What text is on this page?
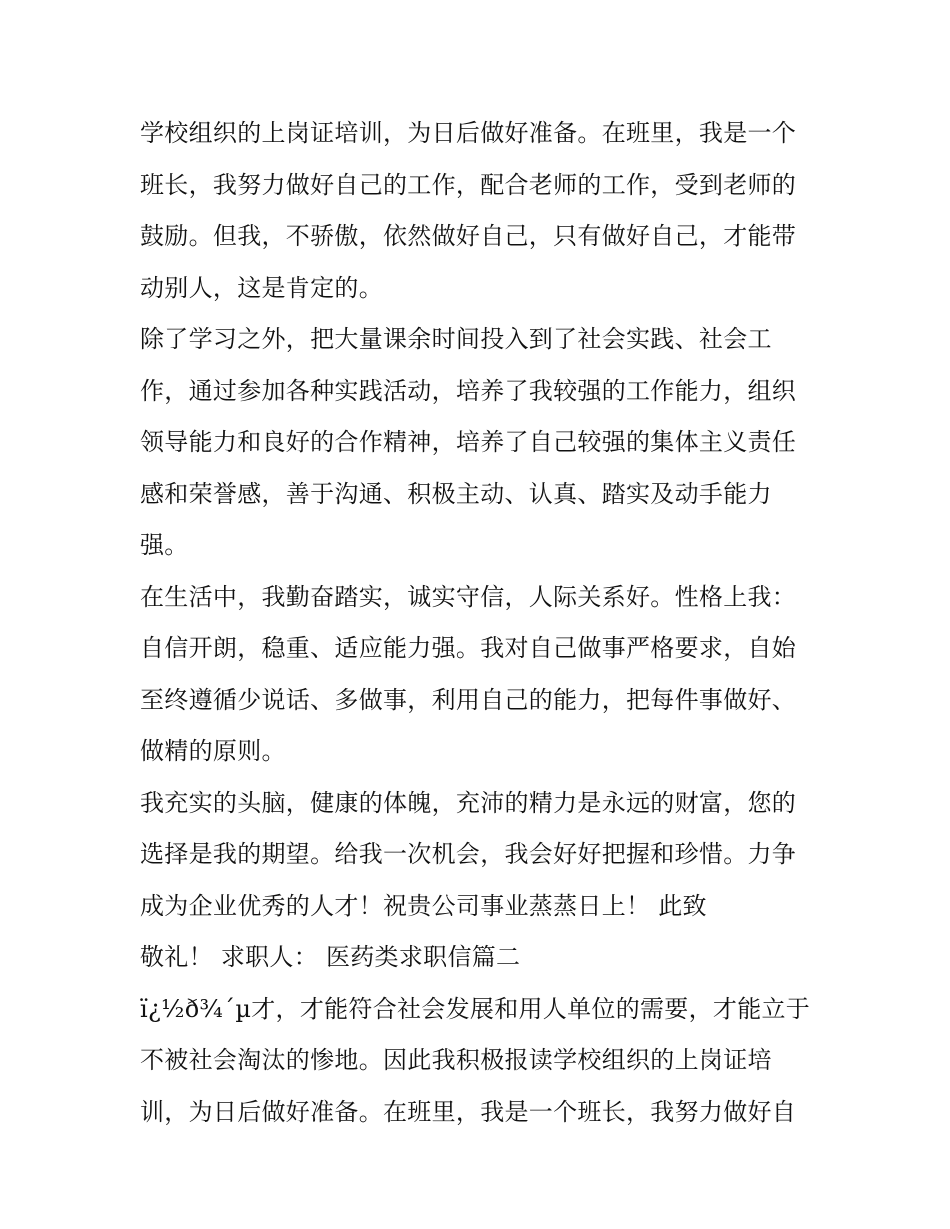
学校组织的上岗证培训，为日后做好准备。在班里，我是一个
班长，我努力做好自己的工作，配合老师的工作，受到老师的
鼓励。但我，不骄傲，依然做好自己，只有做好自己，才能带
动别人，这是肯定的。
除了学习之外，把大量课余时间投入到了社会实践、社会工
作，通过参加各种实践活动，培养了我较强的工作能力，组织
领导能力和良好的合作精神，培养了自己较强的集体主义责任
感和荣誉感，善于沟通、积极主动、认真、踏实及动手能力
强。
在生活中，我勤奋踏实，诚实守信，人际关系好。性格上我：
自信开朗，稳重、适应能力强。我对自己做事严格要求，自始
至终遵循少说话、多做事，利用自己的能力，把每件事做好、
做精的原则。
我充实的头脑，健康的体魄，充沛的精力是永远的财富，您的
选择是我的期望。给我一次机会，我会好好把握和珍惜。力争
成为企业优秀的人才！祝贵公司事业蒸蒸日上！ 此致
敬礼！ 求职人： 医药类求职信篇二
ï¿½ð¾´µ才，才能符合社会发展和用人单位的需要，才能立于
不被社会淘汰的惨地。因此我积极报读学校组织的上岗证培
训，为日后做好准备。在班里，我是一个班长，我努力做好自
